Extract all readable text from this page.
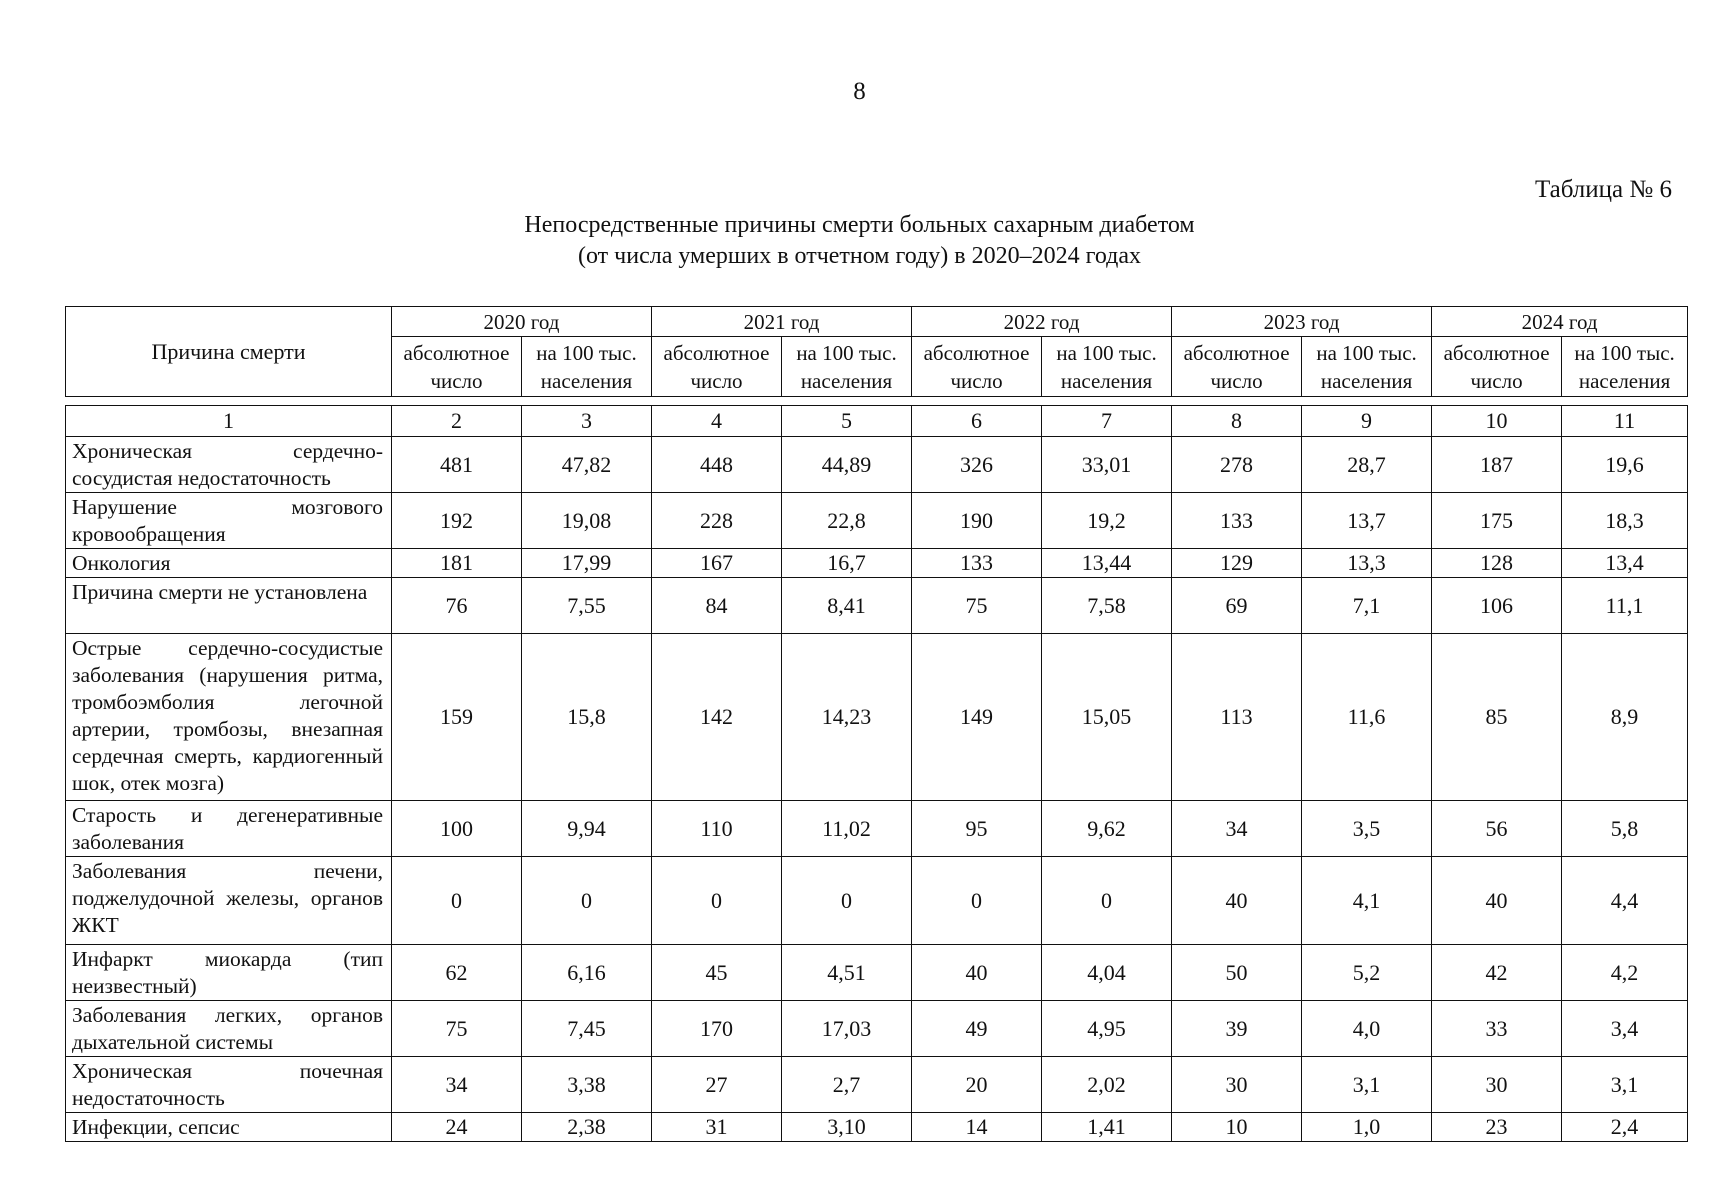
8
Таблица № 6
Непосредственные причины смерти больных сахарным диабетом
(от числа умерших в отчетном году) в 2020–2024 годах
Причина смерти	2020 год		2021 год		2022 год		2023 год		2024 год	
	абсолютное число	на 100 тыс. населения	абсолютное число	на 100 тыс. населения	абсолютное число	на 100 тыс. населения	абсолютное число	на 100 тыс. населения	абсолютное число	на 100 тыс. населения
1	2	3	4	5	6	7	8	9	10	11
Хроническая сердечно-сосудистая недостаточность	481	47,82	448	44,89	326	33,01	278	28,7	187	19,6
Нарушение мозгового кровообращения	192	19,08	228	22,8	190	19,2	133	13,7	175	18,3
Онкология	181	17,99	167	16,7	133	13,44	129	13,3	128	13,4
Причина смерти не установлена	76	7,55	84	8,41	75	7,58	69	7,1	106	11,1
Острые сердечно-сосудистые заболевания (нарушения ритма, тромбоэмболия легочной артерии, тромбозы, внезапная сердечная смерть, кардиогенный шок, отек мозга)	159	15,8	142	14,23	149	15,05	113	11,6	85	8,9
Старость и дегенеративные заболевания	100	9,94	110	11,02	95	9,62	34	3,5	56	5,8
Заболевания печени, поджелудочной железы, органов ЖКТ	0	0	0	0	0	0	40	4,1	40	4,4
Инфаркт миокарда (тип неизвестный)	62	6,16	45	4,51	40	4,04	50	5,2	42	4,2
Заболевания легких, органов дыхательной системы	75	7,45	170	17,03	49	4,95	39	4,0	33	3,4
Хроническая почечная недостаточность	34	3,38	27	2,7	20	2,02	30	3,1	30	3,1
Инфекции, сепсис	24	2,38	31	3,10	14	1,41	10	1,0	23	2,4
